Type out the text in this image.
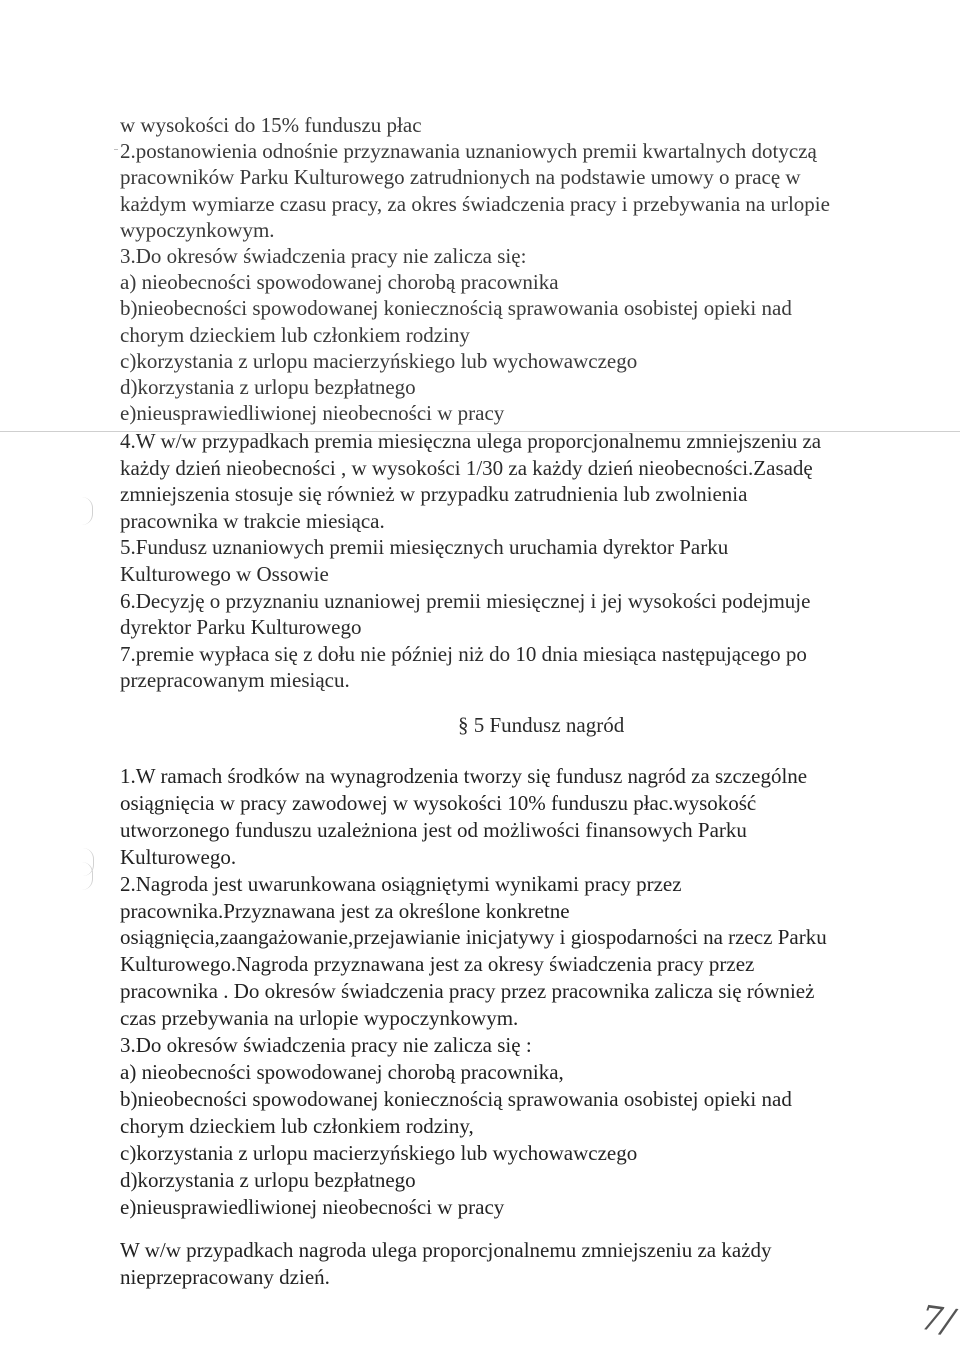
w wysokości do 15% funduszu płac
2.postanowienia odnośnie przyznawania uznaniowych premii kwartalnych dotyczą
pracowników Parku Kulturowego zatrudnionych na podstawie umowy o pracę w
każdym wymiarze czasu pracy, za okres świadczenia pracy i przebywania na urlopie
wypoczynkowym.
3.Do okresów świadczenia pracy nie zalicza się:
a) nieobecności spowodowanej chorobą pracownika
b)nieobecności spowodowanej koniecznością sprawowania osobistej opieki nad
chorym dzieckiem lub członkiem rodziny
c)korzystania z urlopu macierzyńskiego lub wychowawczego
d)korzystania z urlopu bezpłatnego
e)nieusprawiedliwionej nieobecności w pracy
4.W w/w przypadkach premia miesięczna ulega proporcjonalnemu zmniejszeniu za
każdy dzień nieobecności , w wysokości 1/30 za każdy dzień nieobecności.Zasadę
zmniejszenia stosuje się również w przypadku zatrudnienia lub zwolnienia
pracownika w trakcie miesiąca.
5.Fundusz uznaniowych premii miesięcznych uruchamia dyrektor Parku
Kulturowego w Ossowie
6.Decyzję o przyznaniu uznaniowej premii miesięcznej i jej wysokości podejmuje
dyrektor Parku Kulturowego
7.premie wypłaca się z dołu nie później niż do 10 dnia miesiąca następującego po
przepracowanym miesiącu.
§ 5 Fundusz nagród
1.W ramach środków na wynagrodzenia tworzy się fundusz nagród za szczególne
osiągnięcia w pracy zawodowej w wysokości 10% funduszu płac.wysokość
utworzonego funduszu uzależniona jest od możliwości finansowych Parku
Kulturowego.
2.Nagroda jest uwarunkowana osiągniętymi wynikami pracy przez
pracownika.Przyznawana jest za określone konkretne
osiągnięcia,zaangażowanie,przejawianie inicjatywy i giospodarności na rzecz Parku
Kulturowego.Nagroda przyznawana jest za okresy świadczenia pracy przez
pracownika . Do okresów świadczenia pracy przez pracownika zalicza się również
czas przebywania na urlopie wypoczynkowym.
3.Do okresów świadczenia pracy nie zalicza się :
a) nieobecności spowodowanej chorobą pracownika,
b)nieobecności spowodowanej koniecznością sprawowania osobistej opieki nad
chorym dzieckiem lub członkiem rodziny,
c)korzystania z urlopu macierzyńskiego lub wychowawczego
d)korzystania z urlopu bezpłatnego
e)nieusprawiedliwionej nieobecności w pracy
W w/w przypadkach nagroda ulega proporcjonalnemu zmniejszeniu za każdy
nieprzepracowany dzień.
7/
